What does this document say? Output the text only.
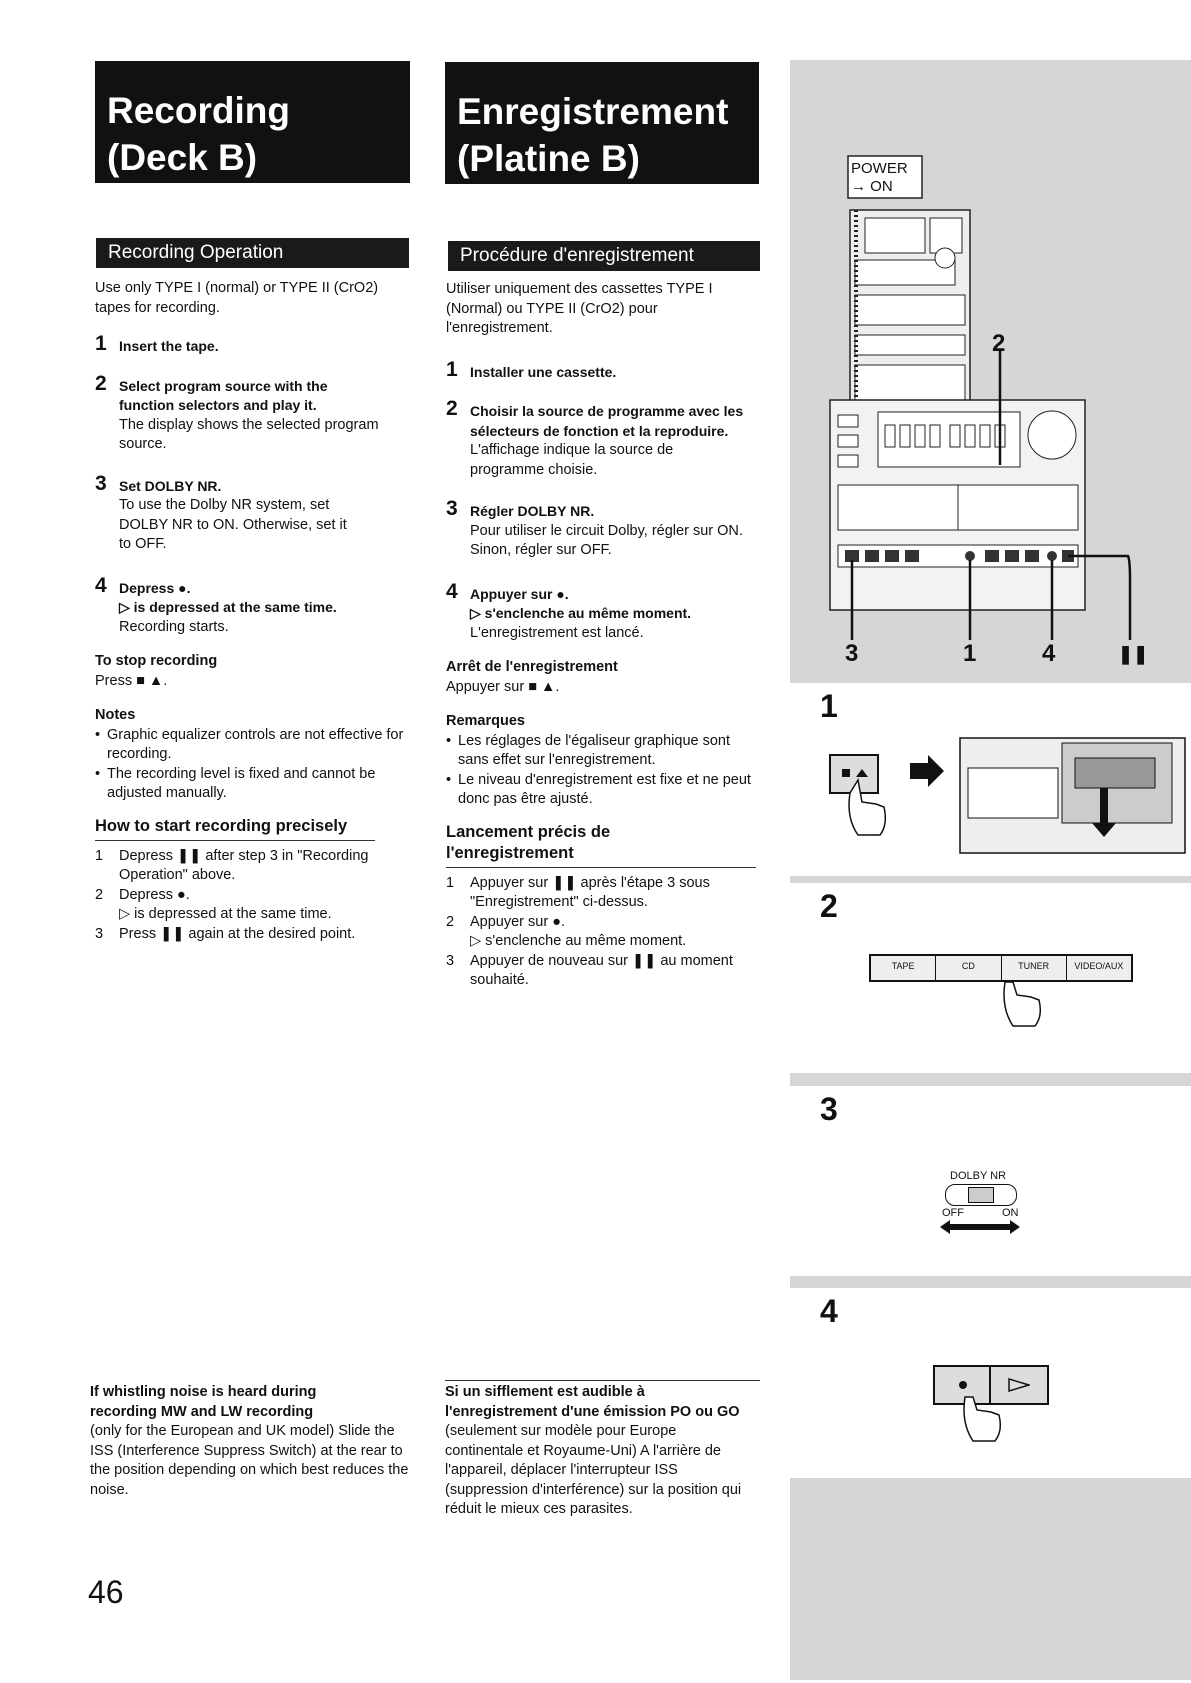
Recording
(Deck B)
Enregistrement
(Platine B)
Recording Operation	Procédure d'enregistrement
Use only TYPE I (normal) or TYPE II (CrO2) tapes for recording.
1 Insert the tape.
2 Select program source with the function selectors and play it.
The display shows the selected program source.
3 Set DOLBY NR.
To use the Dolby NR system, set DOLBY NR to ON. Otherwise, set it to OFF.
4 Depress ●.
▷ is depressed at the same time.
Recording starts.
To stop recording
Press ■ ▲.
Notes
• Graphic equalizer controls are not effective for recording.
• The recording level is fixed and cannot be adjusted manually.
How to start recording precisely
1 Depress ❚❚ after step 3 in "Recording Operation" above.
2 Depress ●.
▷ is depressed at the same time.
3 Press ❚❚ again at the desired point.
Utiliser uniquement des cassettes TYPE I (Normal) ou TYPE II (CrO2) pour l'enregistrement.
1 Installer une cassette.
2 Choisir la source de programme avec les sélecteurs de fonction et la reproduire.
L'affichage indique la source de programme choisie.
3 Régler DOLBY NR.
Pour utiliser le circuit Dolby, régler sur ON. Sinon, régler sur OFF.
4 Appuyer sur ●.
▷ s'enclenche au même moment.
L'enregistrement est lancé.
Arrêt de l'enregistrement
Appuyer sur ■ ▲.
Remarques
• Les réglages de l'égaliseur graphique sont sans effet sur l'enregistrement.
• Le niveau d'enregistrement est fixe et ne peut donc pas être ajusté.
Lancement précis de l'enregistrement
1 Appuyer sur ❚❚ après l'étape 3 sous "Enregistrement" ci-dessus.
2 Appuyer sur ●.
▷ s'enclenche au même moment.
3 Appuyer de nouveau sur ❚❚ au moment souhaité.
If whistling noise is heard during recording MW and LW recording
(only for the European and UK model) Slide the ISS (Interference Suppress Switch) at the rear to the position depending on which best reduces the noise.
Si un sifflement est audible à l'enregistrement d'une émission PO ou GO
(seulement sur modèle pour Europe continentale et Royaume-Uni) A l'arrière de l'appareil, déplacer l'interrupteur ISS (suppression d'interférence) sur la position qui réduit le mieux ces parasites.
46
POWER
→ ON
2
3	1	4	❚❚
1
2
TAPE	CD	TUNER	VIDEO/AUX
3
DOLBY NR
OFF	ON
4
